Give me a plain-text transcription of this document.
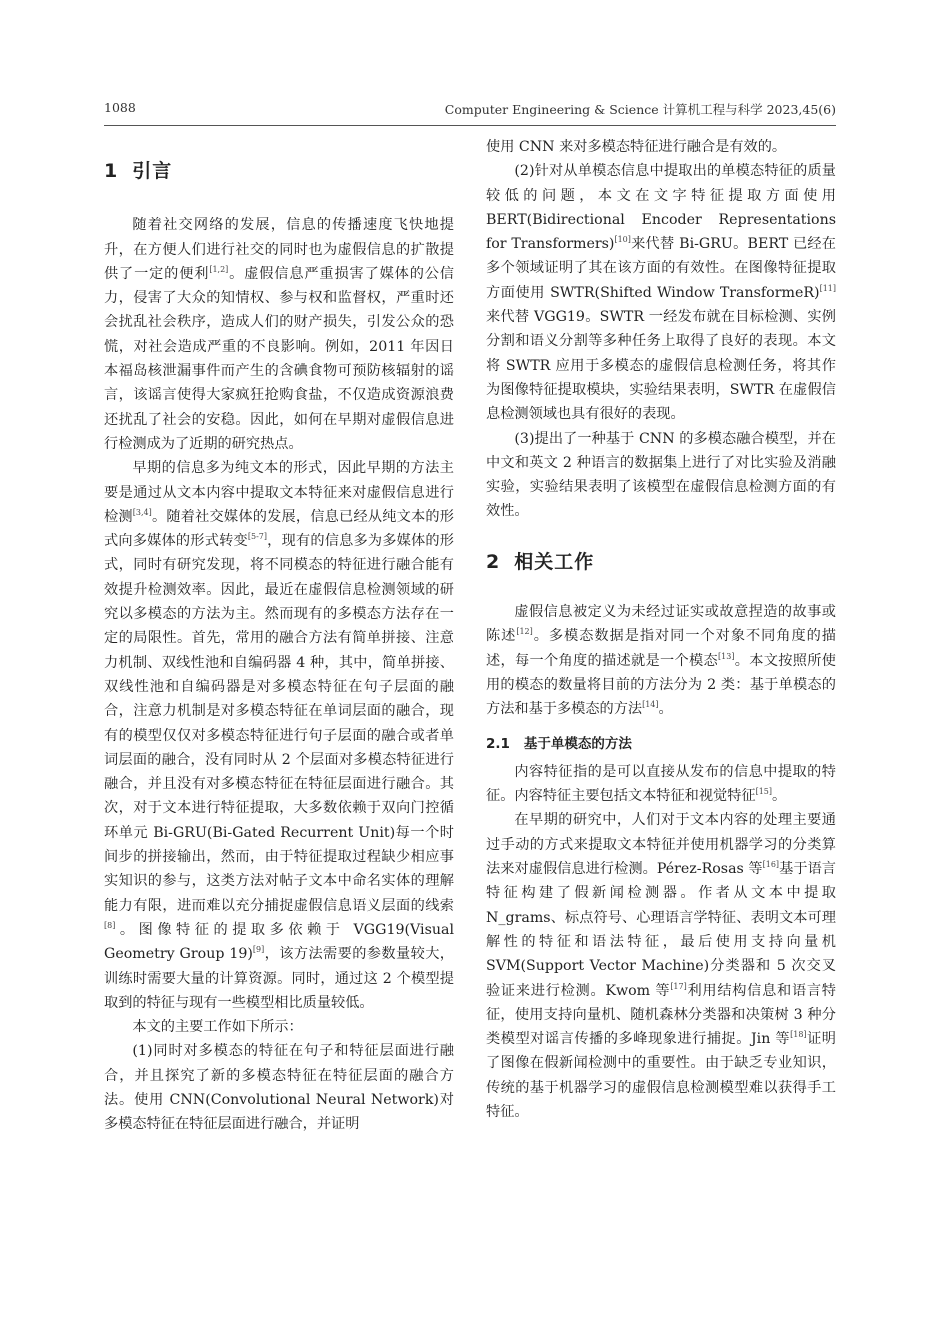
1088	Computer Engineering & Science 计算机工程与科学 2023,45(6)
1 引言

随着社交网络的发展，信息的传播速度飞快地提升，在方便人们进行社交的同时也为虚假信息的扩散提供了一定的便利[1,2]。虚假信息严重损害了媒体的公信力，侵害了大众的知情权、参与权和监督权，严重时还会扰乱社会秩序，造成人们的财产损失，引发公众的恐慌，对社会造成严重的不良影响。例如，2011 年因日本福岛核泄漏事件而产生的含碘食物可预防核辐射的谣言，该谣言使得大家疯狂抢购食盐，不仅造成资源浪费还扰乱了社会的安稳。因此，如何在早期对虚假信息进行检测成为了近期的研究热点。

早期的信息多为纯文本的形式，因此早期的方法主要是通过从文本内容中提取文本特征来对虚假信息进行检测[3,4]。随着社交媒体的发展，信息已经从纯文本的形式向多媒体的形式转变[5-7]，现有的信息多为多媒体的形式，同时有研究发现，将不同模态的特征进行融合能有效提升检测效率。因此，最近在虚假信息检测领域的研究以多模态的方法为主。然而现有的多模态方法存在一定的局限性。首先，常用的融合方法有简单拼接、注意力机制、双线性池和自编码器 4 种，其中，简单拼接、双线性池和自编码器是对多模态特征在句子层面的融合，注意力机制是对多模态特征在单词层面的融合，现有的模型仅仅对多模态特征进行句子层面的融合或者单词层面的融合，没有同时从 2 个层面对多模态特征进行融合，并且没有对多模态特征在特征层面进行融合。其次，对于文本进行特征提取，大多数依赖于双向门控循环单元 Bi-GRU(Bi-Gated Recurrent Unit)每一个时间步的拼接输出，然而，由于特征提取过程缺少相应事实知识的参与，这类方法对帖子文本中命名实体的理解能力有限，进而难以充分捕捉虚假信息语义层面的线索[8]。图像特征的提取多依赖于 VGG19(Visual Geometry Group 19)[9]，该方法需要的参数量较大，训练时需要大量的计算资源。同时，通过这 2 个模型提取到的特征与现有一些模型相比质量较低。

本文的主要工作如下所示：

(1)同时对多模态的特征在句子和特征层面进行融合，并且探究了新的多模态特征在特征层面的融合方法。使用 CNN(Convolutional Neural Network)对多模态特征在特征层面进行融合，并证明

使用 CNN 来对多模态特征进行融合是有效的。

(2)针对从单模态信息中提取出的单模态特征的质量较低的问题，本文在文字特征提取方面使用 BERT(Bidirectional Encoder Representations for Transformers)[10]来代替 Bi-GRU。BERT 已经在多个领域证明了其在该方面的有效性。在图像特征提取方面使用 SWTR(Shifted Window TransformeR)[11]来代替 VGG19。SWTR 一经发布就在目标检测、实例分割和语义分割等多种任务上取得了良好的表现。本文将 SWTR 应用于多模态的虚假信息检测任务，将其作为图像特征提取模块，实验结果表明，SWTR 在虚假信息检测领域也具有很好的表现。

(3)提出了一种基于 CNN 的多模态融合模型，并在中文和英文 2 种语言的数据集上进行了对比实验及消融实验，实验结果表明了该模型在虚假信息检测方面的有效性。

2 相关工作

虚假信息被定义为未经过证实或故意捏造的故事或陈述[12]。多模态数据是指对同一个对象不同角度的描述，每一个角度的描述就是一个模态[13]。本文按照所使用的模态的数量将目前的方法分为 2 类：基于单模态的方法和基于多模态的方法[14]。

2.1 基于单模态的方法

内容特征指的是可以直接从发布的信息中提取的特征。内容特征主要包括文本特征和视觉特征[15]。

在早期的研究中，人们对于文本内容的处理主要通过手动的方式来提取文本特征并使用机器学习的分类算法来对虚假信息进行检测。Pérez-Rosas 等[16]基于语言特征构建了假新闻检测器。作者从文本中提取 N_grams、标点符号、心理语言学特征、表明文本可理解性的特征和语法特征，最后使用支持向量机 SVM(Support Vector Machine)分类器和 5 次交叉验证来进行检测。Kwom 等[17]利用结构信息和语言特征，使用支持向量机、随机森林分类器和决策树 3 种分类模型对谣言传播的多峰现象进行捕捉。Jin 等[18]证明了图像在假新闻检测中的重要性。由于缺乏专业知识，传统的基于机器学习的虚假信息检测模型难以获得手工特征。
